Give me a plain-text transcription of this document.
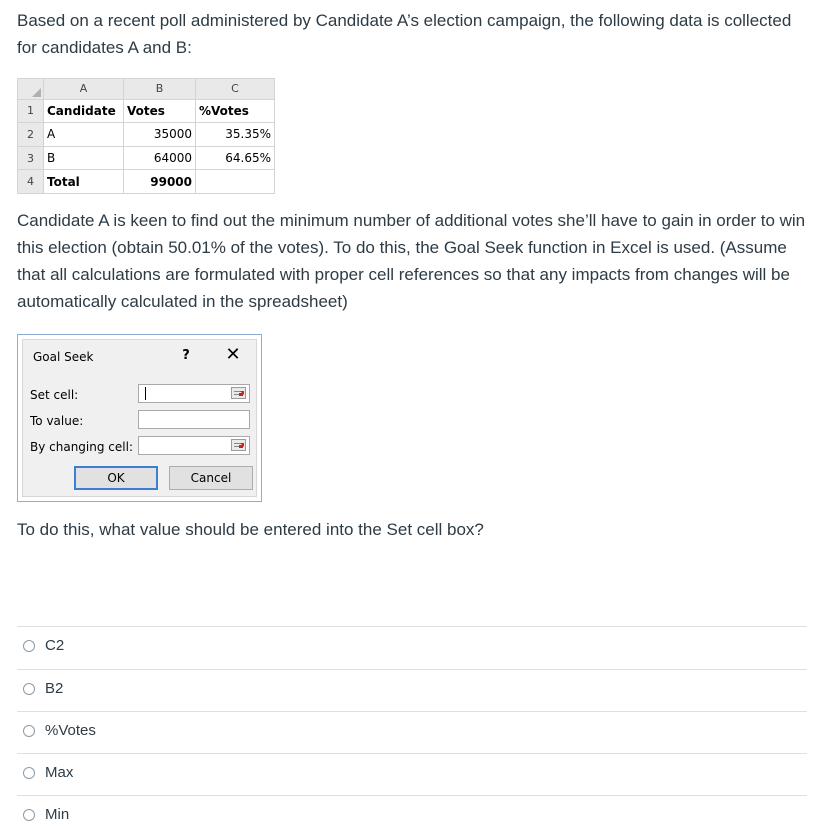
Based on a recent poll administered by Candidate A’s election campaign, the following data is collected for candidates A and B:

	A	B	C
1	Candidate	Votes	%Votes
2	A	35000	35.35%
3	B	64000	64.65%
4	Total	99000	

Candidate A is keen to find out the minimum number of additional votes she’ll have to gain in order to win this election (obtain 50.01% of the votes). To do this, the Goal Seek function in Excel is used. (Assume that all calculations are formulated with proper cell references so that any impacts from changes will be automatically calculated in the spreadsheet)

Goal Seek	? ✕
Set cell:
To value:
By changing cell:
OK	Cancel

To do this, what value should be entered into the Set cell box?

C2
B2
%Votes
Max
Min
